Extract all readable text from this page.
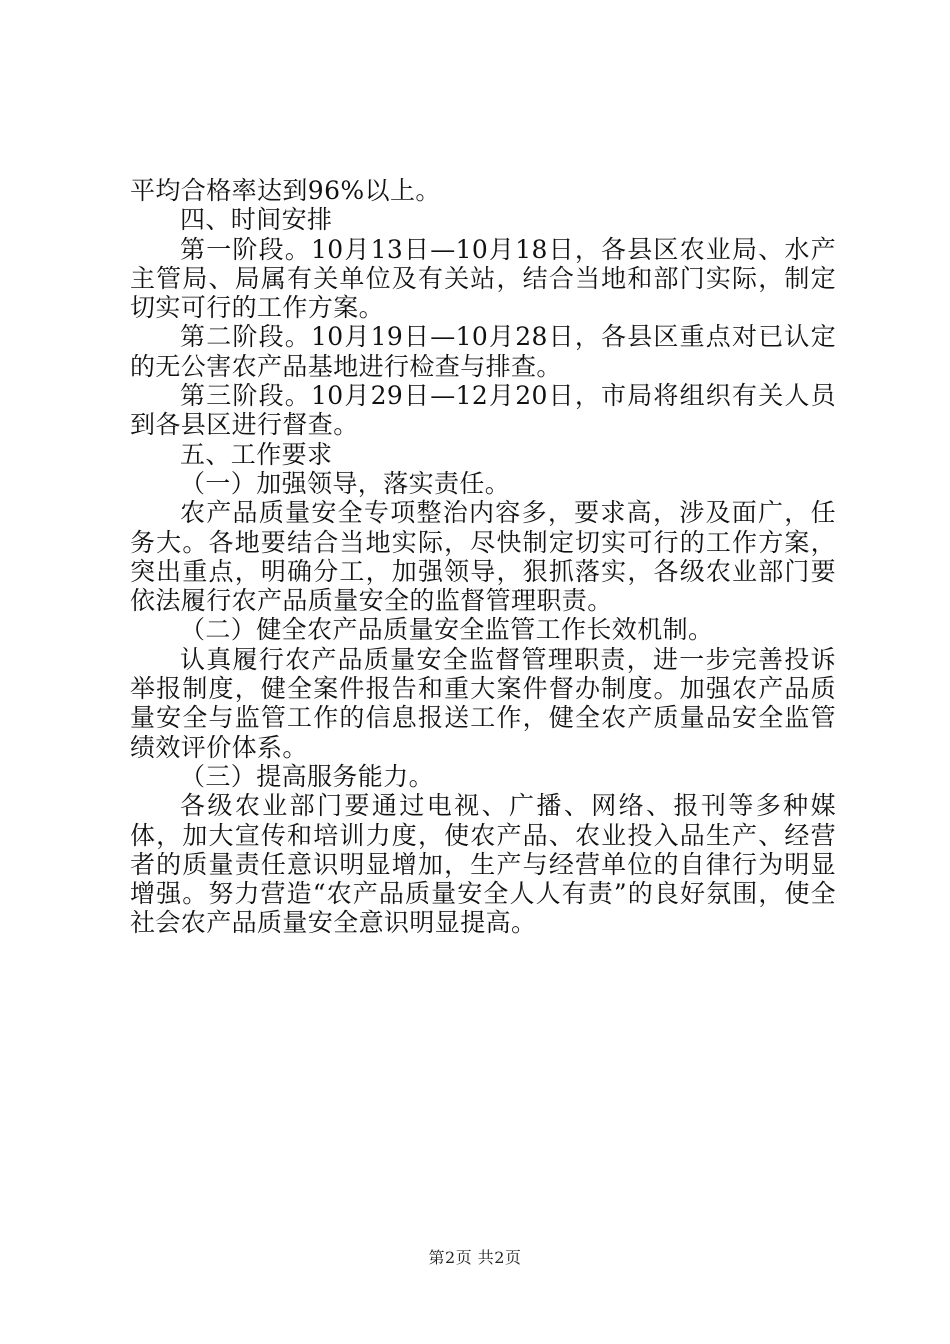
平均合格率达到96%以上。

四、时间安排

第一阶段。10月13日—10月18日，各县区农业局、水产主管局、局属有关单位及有关站，结合当地和部门实际，制定切实可行的工作方案。

第二阶段。10月19日—10月28日，各县区重点对已认定的无公害农产品基地进行检查与排查。

第三阶段。10月29日—12月20日，市局将组织有关人员到各县区进行督查。

五、工作要求

（一）加强领导，落实责任。

农产品质量安全专项整治内容多，要求高，涉及面广，任务大。各地要结合当地实际，尽快制定切实可行的工作方案，突出重点，明确分工，加强领导，狠抓落实，各级农业部门要依法履行农产品质量安全的监督管理职责。

（二）健全农产品质量安全监管工作长效机制。

认真履行农产品质量安全监督管理职责，进一步完善投诉举报制度，健全案件报告和重大案件督办制度。加强农产品质量安全与监管工作的信息报送工作，健全农产质量品安全监管绩效评价体系。

（三）提高服务能力。

各级农业部门要通过电视、广播、网络、报刊等多种媒体，加大宣传和培训力度，使农产品、农业投入品生产、经营者的质量责任意识明显增加，生产与经营单位的自律行为明显增强。努力营造“农产品质量安全人人有责”的良好氛围，使全社会农产品质量安全意识明显提高。

第2页 共2页
